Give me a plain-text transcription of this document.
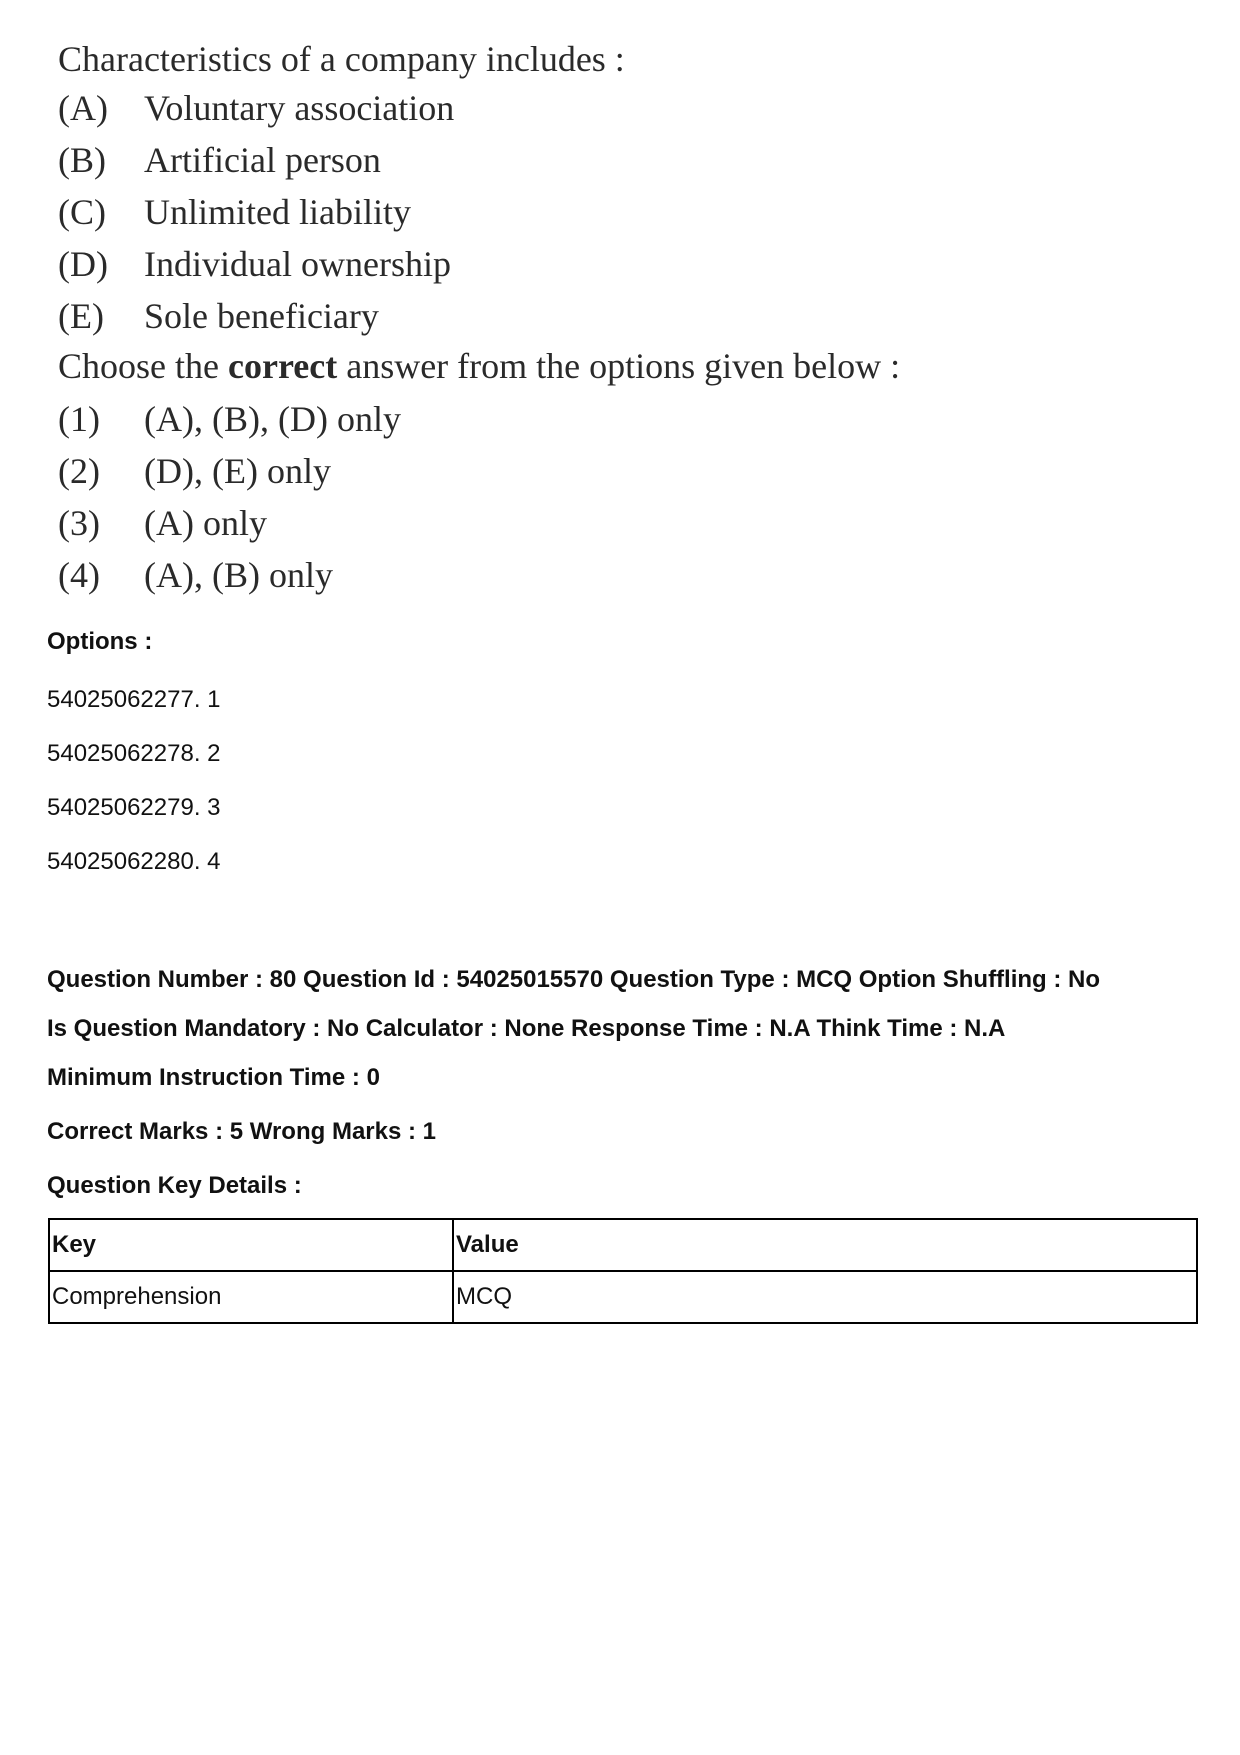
Characteristics of a company includes :
(A) Voluntary association
(B) Artificial person
(C) Unlimited liability
(D) Individual ownership
(E) Sole beneficiary
Choose the correct answer from the options given below :
(1) (A), (B), (D) only
(2) (D), (E) only
(3) (A) only
(4) (A), (B) only
Options :
54025062277. 1
54025062278. 2
54025062279. 3
54025062280. 4
Question Number : 80 Question Id : 54025015570 Question Type : MCQ Option Shuffling : No
Is Question Mandatory : No Calculator : None Response Time : N.A Think Time : N.A
Minimum Instruction Time : 0
Correct Marks : 5 Wrong Marks : 1
Question Key Details :
Key	Value
Comprehension	MCQ
